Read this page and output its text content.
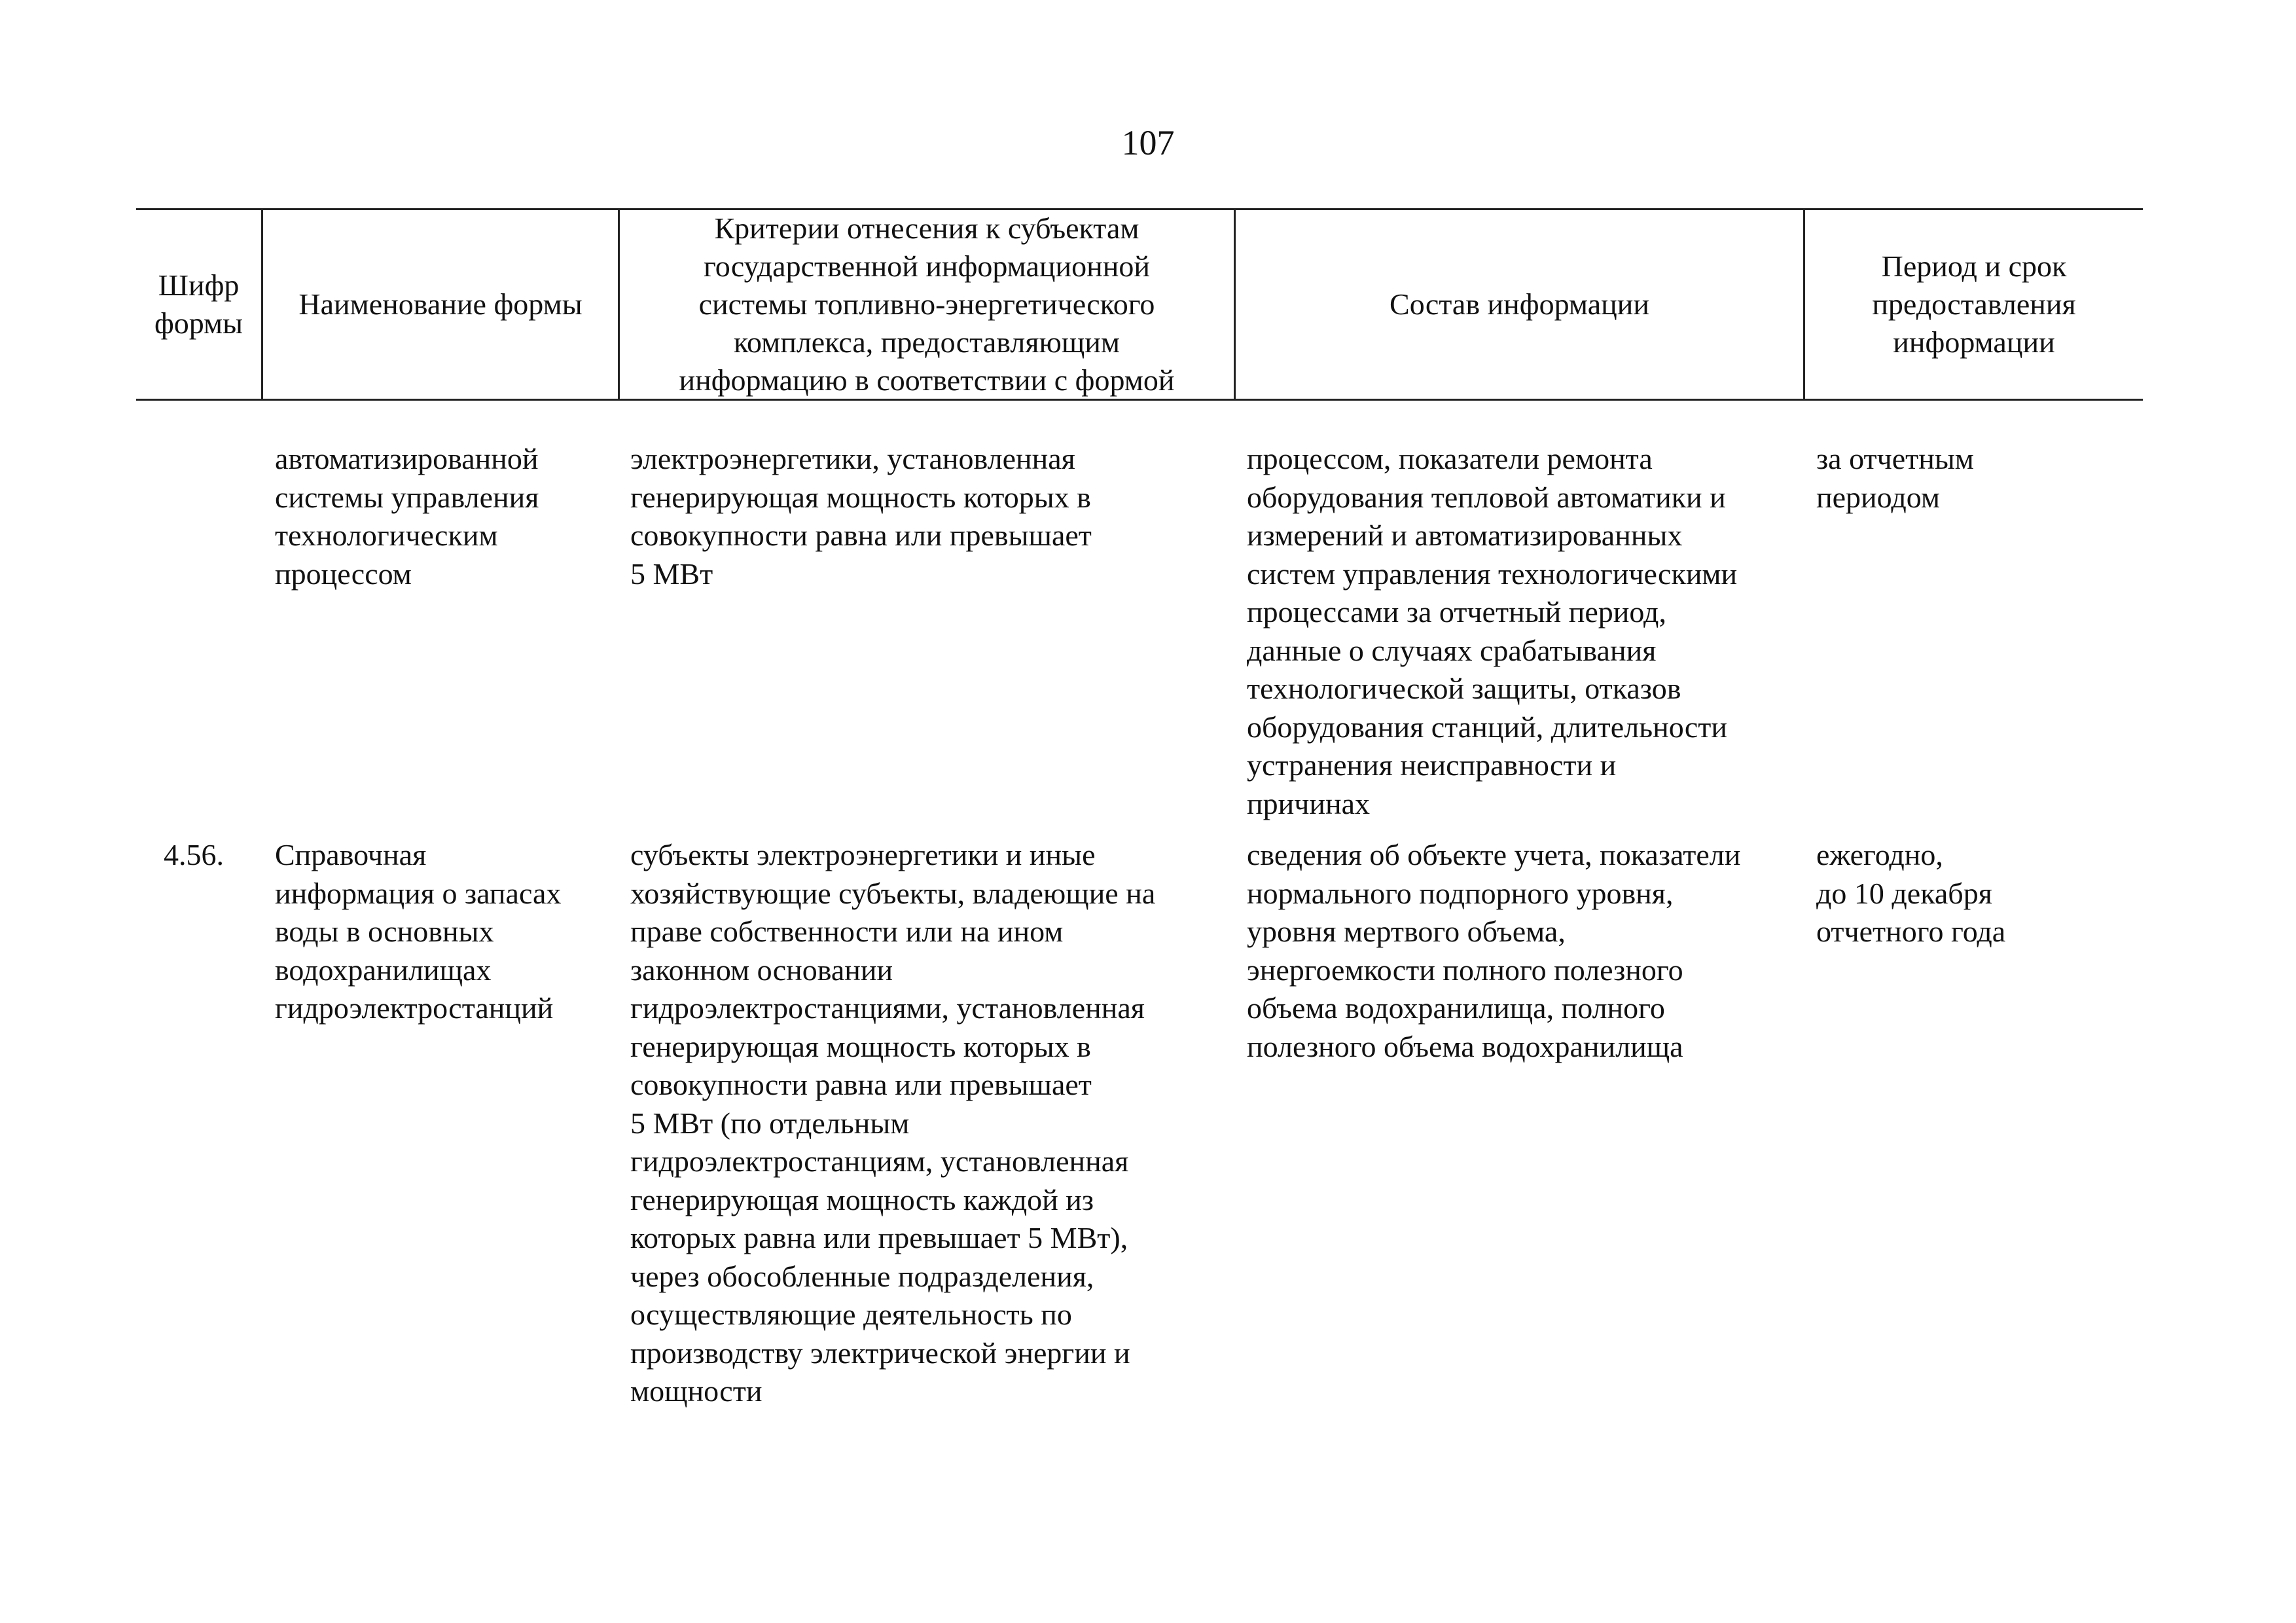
107
Шифр
формы
Наименование формы
Критерии отнесения к субъектам
государственной информационной
системы топливно-энергетического
комплекса, предоставляющим
информацию в соответствии с формой
Состав информации
Период и срок
предоставления
информации
автоматизированной
системы управления
технологическим
процессом
электроэнергетики, установленная
генерирующая мощность которых в
совокупности равна или превышает
5 МВт
процессом, показатели ремонта
оборудования тепловой автоматики и
измерений и автоматизированных
систем управления технологическими
процессами за отчетный период,
данные о случаях срабатывания
технологической защиты, отказов
оборудования станций, длительности
устранения неисправности и
причинах
за отчетным
периодом
4.56. Справочная
информация о запасах
воды в основных
водохранилищах
гидроэлектростанций
субъекты электроэнергетики и иные
хозяйствующие субъекты, владеющие на
праве собственности или на ином
законном основании
гидроэлектростанциями, установленная
генерирующая мощность которых в
совокупности равна или превышает
5 МВт (по отдельным
гидроэлектростанциям, установленная
генерирующая мощность каждой из
которых равна или превышает 5 МВт),
через обособленные подразделения,
осуществляющие деятельность по
производству электрической энергии и
мощности
сведения об объекте учета, показатели
нормального подпорного уровня,
уровня мертвого объема,
энергоемкости полного полезного
объема водохранилища, полного
полезного объема водохранилища
ежегодно,
до 10 декабря
отчетного года
